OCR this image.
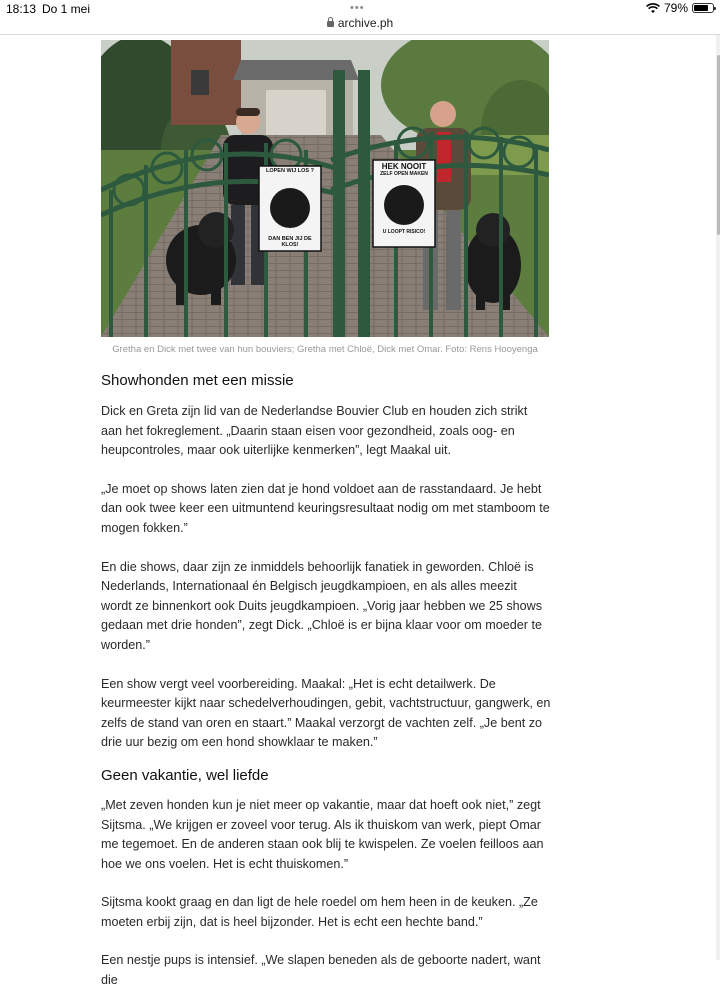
18:13 Do 1 mei	•••	79%
archive.ph
LOPEN WIJ LOS ?
DAN BEN JIJ DE KLOS!
HEK NOOIT
ZELF OPEN MAKEN
U LOOPT RISICO!
Gretha en Dick met twee van hun bouviers; Gretha met Chloë, Dick met Omar. Foto: Rens Hooyenga
Showhonden met een missie

Dick en Greta zijn lid van de Nederlandse Bouvier Club en houden zich strikt aan het fokreglement. „Daarin staan eisen voor gezondheid, zoals oog- en heupcontroles, maar ook uiterlijke kenmerken”, legt Maakal uit.

„Je moet op shows laten zien dat je hond voldoet aan de rasstandaard. Je hebt dan ook twee keer een uitmuntend keuringsresultaat nodig om met stamboom te mogen fokken.”

En die shows, daar zijn ze inmiddels behoorlijk fanatiek in geworden. Chloë is Nederlands, Internationaal én Belgisch jeugdkampioen, en als alles meezit wordt ze binnenkort ook Duits jeugdkampioen. „Vorig jaar hebben we 25 shows gedaan met drie honden”, zegt Dick. „Chloë is er bijna klaar voor om moeder te worden.”

Een show vergt veel voorbereiding. Maakal: „Het is echt detailwerk. De keurmeester kijkt naar schedelverhoudingen, gebit, vachtstructuur, gangwerk, en zelfs de stand van oren en staart.” Maakal verzorgt de vachten zelf. „Je bent zo drie uur bezig om een hond showklaar te maken.”

Geen vakantie, wel liefde

„Met zeven honden kun je niet meer op vakantie, maar dat hoeft ook niet,” zegt Sijtsma. „We krijgen er zoveel voor terug. Als ik thuiskom van werk, piept Omar me tegemoet. En de anderen staan ook blij te kwispelen. Ze voelen feilloos aan hoe we ons voelen. Het is echt thuiskomen.”

Sijtsma kookt graag en dan ligt de hele roedel om hem heen in de keuken. „Ze moeten erbij zijn, dat is heel bijzonder. Het is echt een hechte band.”

Een nestje pups is intensief. „We slapen beneden als de geboorte nadert, want die
